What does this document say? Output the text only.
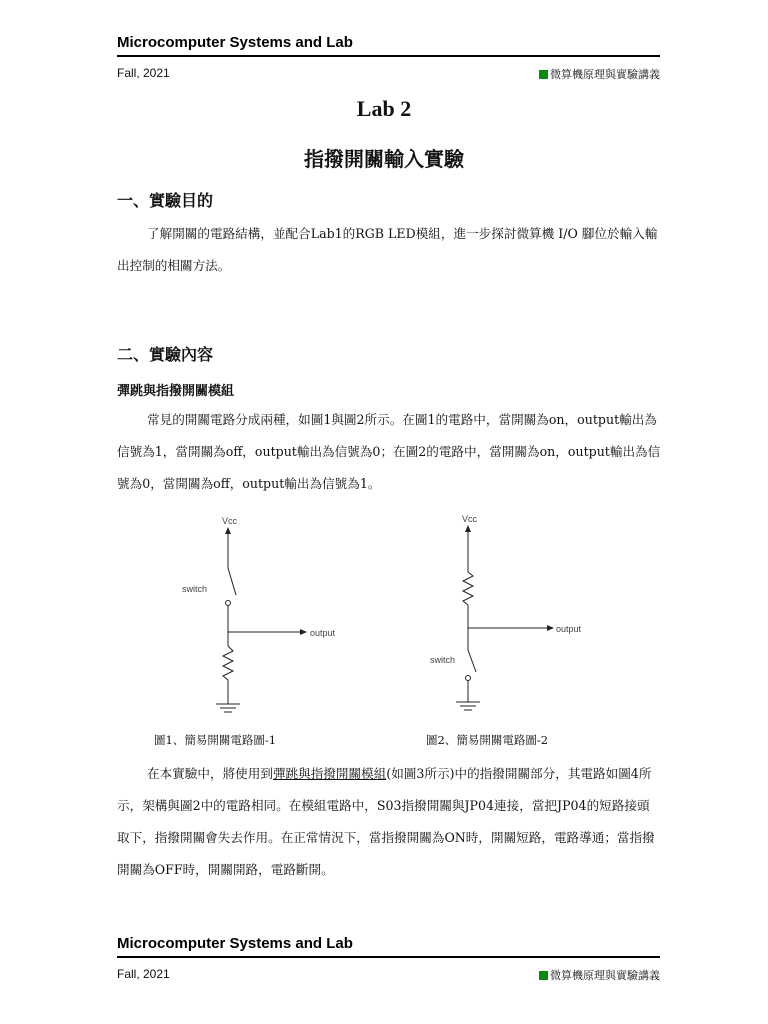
Microcomputer Systems and Lab
Fall, 2021	微算機原理與實驗講義
Lab 2
指撥開關輸入實驗
一、實驗目的

了解開關的電路結構，並配合Lab1的RGB LED模組，進一步探討微算機 I/O 腳位於輸入輸出控制的相關方法。

二、實驗內容
彈跳與指撥開關模組

常見的開關電路分成兩種，如圖1與圖2所示。在圖1的電路中，當開關為on，output輸出為信號為1，當開關為off，output輸出為信號為0；在圖2的電路中，當開關為on，output輸出為信號為0，當開關為off，output輸出為信號為1。

Vcc
switch
output
圖1、簡易開關電路圖-1
Vcc
output
switch
圖2、簡易開關電路圖-2

在本實驗中，將使用到彈跳與指撥開關模組(如圖3所示)中的指撥開關部分，其電路如圖4所示，架構與圖2中的電路相同。在模組電路中，S03指撥開關與JP04連接，當把JP04的短路接頭取下，指撥開關會失去作用。在正常情況下，當指撥開關為ON時，開關短路，電路導通；當指撥開關為OFF時，開關開路，電路斷開。

Microcomputer Systems and Lab
Fall, 2021	微算機原理與實驗講義
